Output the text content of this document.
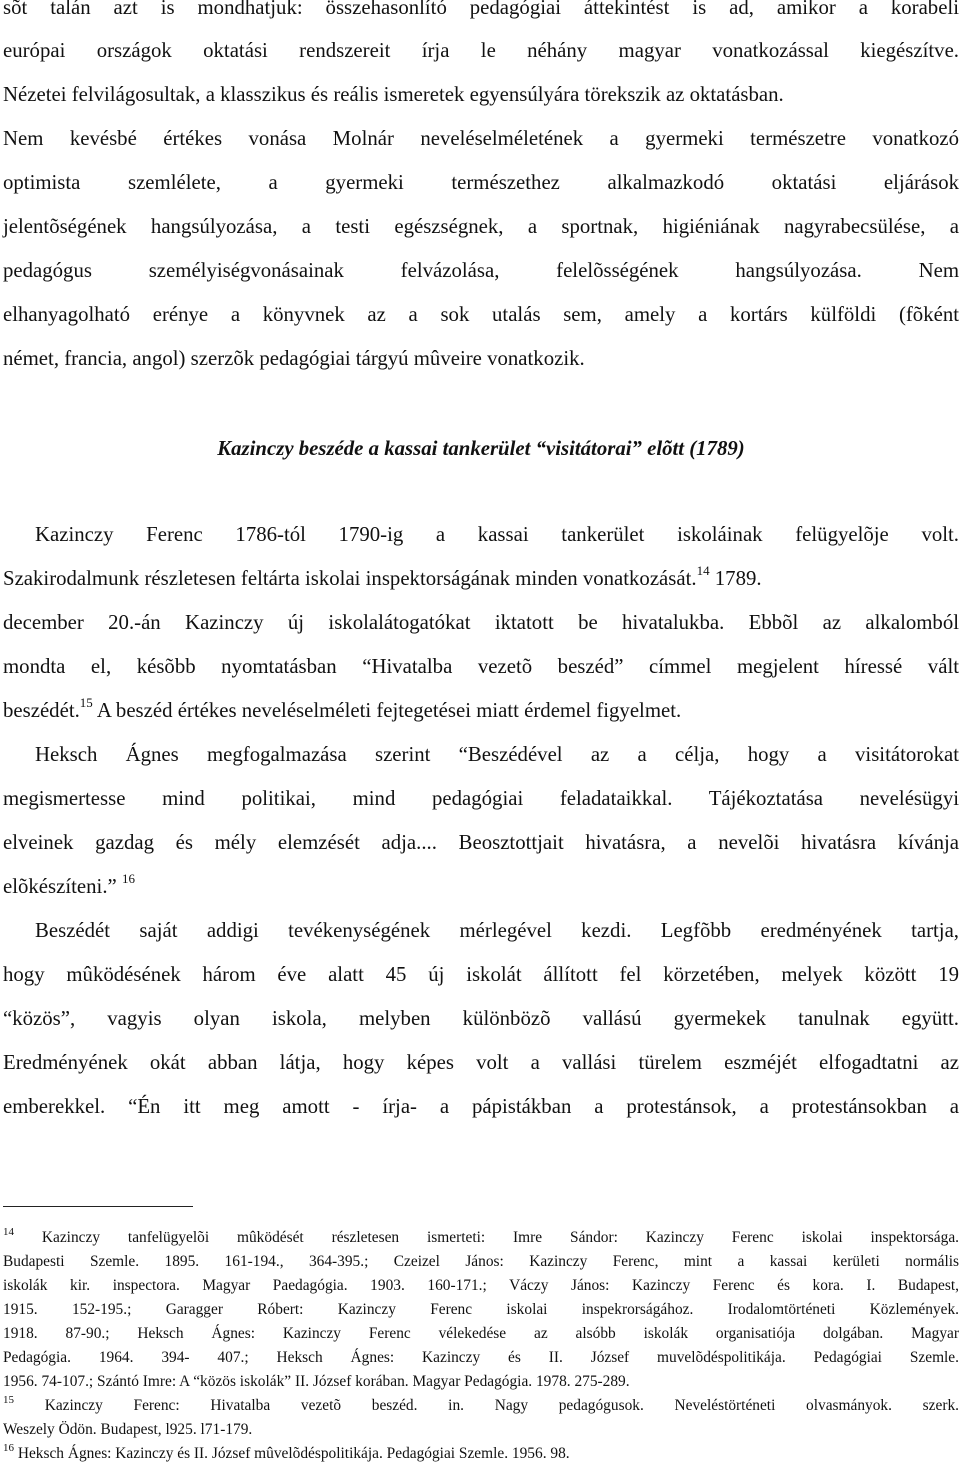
sõt talán azt is mondhatjuk: összehasonlító pedagógiai áttekintést is ad, amikor a korabeli
európai országok oktatási rendszereit írja le néhány magyar vonatkozással kiegészítve.
Nézetei felvilágosultak, a klasszikus és reális ismeretek egyensúlyára törekszik az oktatásban.
Nem kevésbé értékes vonása Molnár neveléselméletének a gyermeki természetre vonatkozó
optimista szemlélete, a gyermeki természethez alkalmazkodó oktatási eljárások
jelentõségének hangsúlyozása, a testi egészségnek, a sportnak, higiéniának nagyrabecsülése, a
pedagógus személyiségvonásainak felvázolása, felelõsségének hangsúlyozása. Nem
elhanyagolható erénye a könyvnek az a sok utalás sem, amely a kortárs külföldi (fõként
német, francia, angol) szerzõk pedagógiai tárgyú mûveire vonatkozik.
Kazinczy beszéde a kassai tankerület “visitátorai” elõtt (1789)
Kazinczy Ferenc 1786-tól 1790-ig a kassai tankerület iskoláinak felügyelõje volt.
Szakirodalmunk részletesen feltárta iskolai inspektorságának minden vonatkozását.$^{14}$ 1789.
december 20.-án Kazinczy új iskolalátogatókat iktatott be hivatalukba. Ebbõl az alkalomból
mondta el, késõbb nyomtatásban “Hivatalba vezetõ beszéd” címmel megjelent híressé vált
beszédét.$^{15}$ A beszéd értékes neveléselméleti fejtegetései miatt érdemel figyelmet.
Heksch Ágnes megfogalmazása szerint “Beszédével az a célja, hogy a visitátorokat
megismertesse mind politikai, mind pedagógiai feladataikkal. Tájékoztatása nevelésügyi
elveinek gazdag és mély elemzését adja.... Beosztottjait hivatásra, a nevelõi hivatásra kívánja
elõkészíteni.” $^{16}$
Beszédét saját addigi tevékenységének mérlegével kezdi. Legfõbb eredményének tartja,
hogy mûködésének három éve alatt 45 új iskolát állított fel körzetében, melyek között 19
“közös”, vagyis olyan iskola, melyben különbözõ vallású gyermekek tanulnak együtt.
Eredményének okát abban látja, hogy képes volt a vallási türelem eszméjét elfogadtatni az
emberekkel. “Én itt meg amott - írja- a pápistákban a protestánsok, a protestánsokban a
$^{14}$ Kazinczy tanfelügyelõi mûködését részletesen ismerteti: Imre Sándor: Kazinczy Ferenc iskolai inspektorsága.
Budapesti Szemle. 1895. 161-194., 364-395.; Czeizel János: Kazinczy Ferenc, mint a kassai kerületi normális
iskolák kir. inspectora. Magyar Paedagógia. 1903. 160-171.; Váczy János: Kazinczy Ferenc és kora. I. Budapest,
1915. 152-195.; Garagger Róbert: Kazinczy Ferenc iskolai inspekrorságához. Irodalomtörténeti Közlemények.
1918. 87-90.; Heksch Ágnes: Kazinczy Ferenc vélekedése az alsóbb iskolák organisatiója dolgában. Magyar
Pedagógia. 1964. 394- 407.; Heksch Ágnes: Kazinczy és II. József muvelõdéspolitikája. Pedagógiai Szemle.
1956. 74-107.; Szántó Imre: A “közös iskolák” II. József korában. Magyar Pedagógia. 1978. 275-289.
$^{15}$ Kazinczy Ferenc: Hivatalba vezetõ beszéd. in. Nagy pedagógusok. Neveléstörténeti olvasmányok. szerk.
Weszely Ödön. Budapest, l925. l71-179.
$^{16}$ Heksch Ágnes: Kazinczy és II. József mûvelõdéspolitikája. Pedagógiai Szemle. 1956. 98.
